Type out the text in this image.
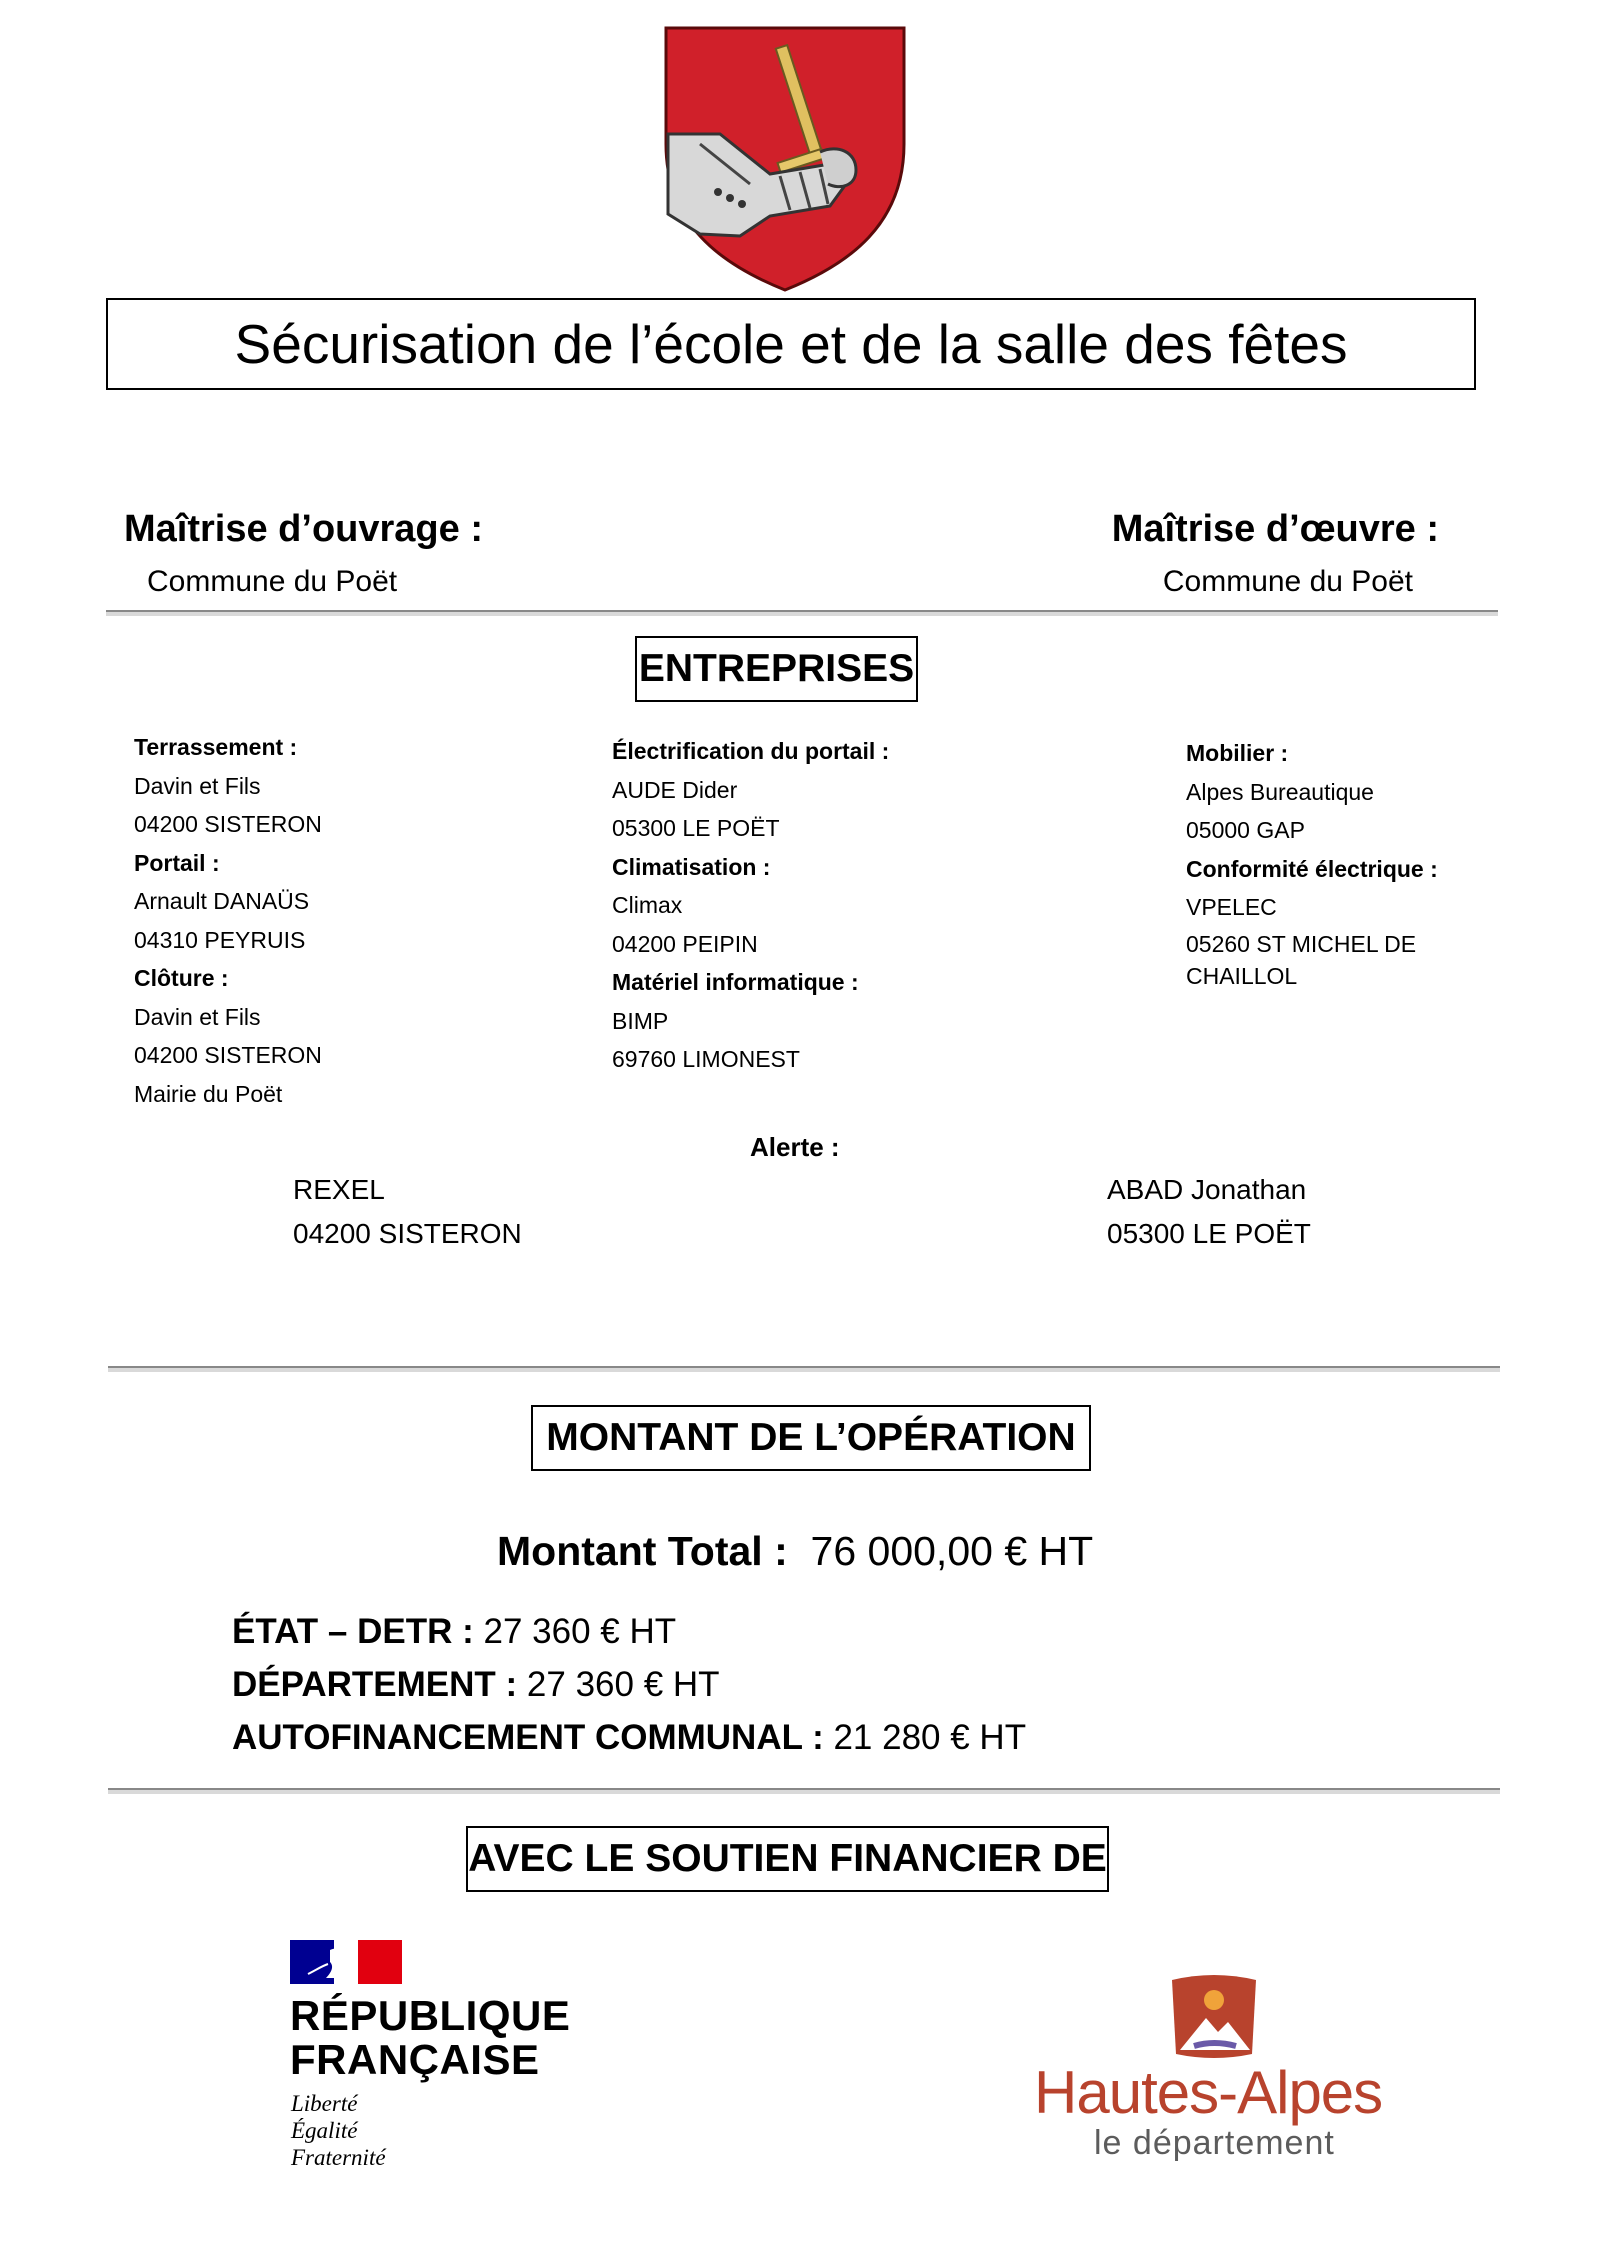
Sécurisation de l’école et de la salle des fêtes
Maîtrise d’ouvrage :
Commune du Poët
Maîtrise d’œuvre :
Commune du Poët
ENTREPRISES
Terrassement :
Davin et Fils
04200 SISTERON
Portail :
Arnault DANAÜS
04310 PEYRUIS
Clôture :
Davin et Fils
04200 SISTERON
Mairie du Poët
Électrification du portail :
AUDE Dider
05300 LE POËT
Climatisation :
Climax
04200 PEIPIN
Matériel informatique :
BIMP
69760 LIMONEST
Mobilier :
Alpes Bureautique
05000 GAP
Conformité électrique :
VPELEC
05260 ST MICHEL DE
CHAILLOL
Alerte :
REXEL
04200 SISTERON
ABAD Jonathan
05300 LE POËT
MONTANT DE L’OPÉRATION
Montant Total : 76 000,00 € HT
ÉTAT – DETR : 27 360 € HT
DÉPARTEMENT : 27 360 € HT
AUTOFINANCEMENT COMMUNAL : 21 280 € HT
AVEC LE SOUTIEN FINANCIER DE
RÉPUBLIQUE
FRANÇAISE
Liberté
Égalité
Fraternité
Hautes-Alpes
le département
